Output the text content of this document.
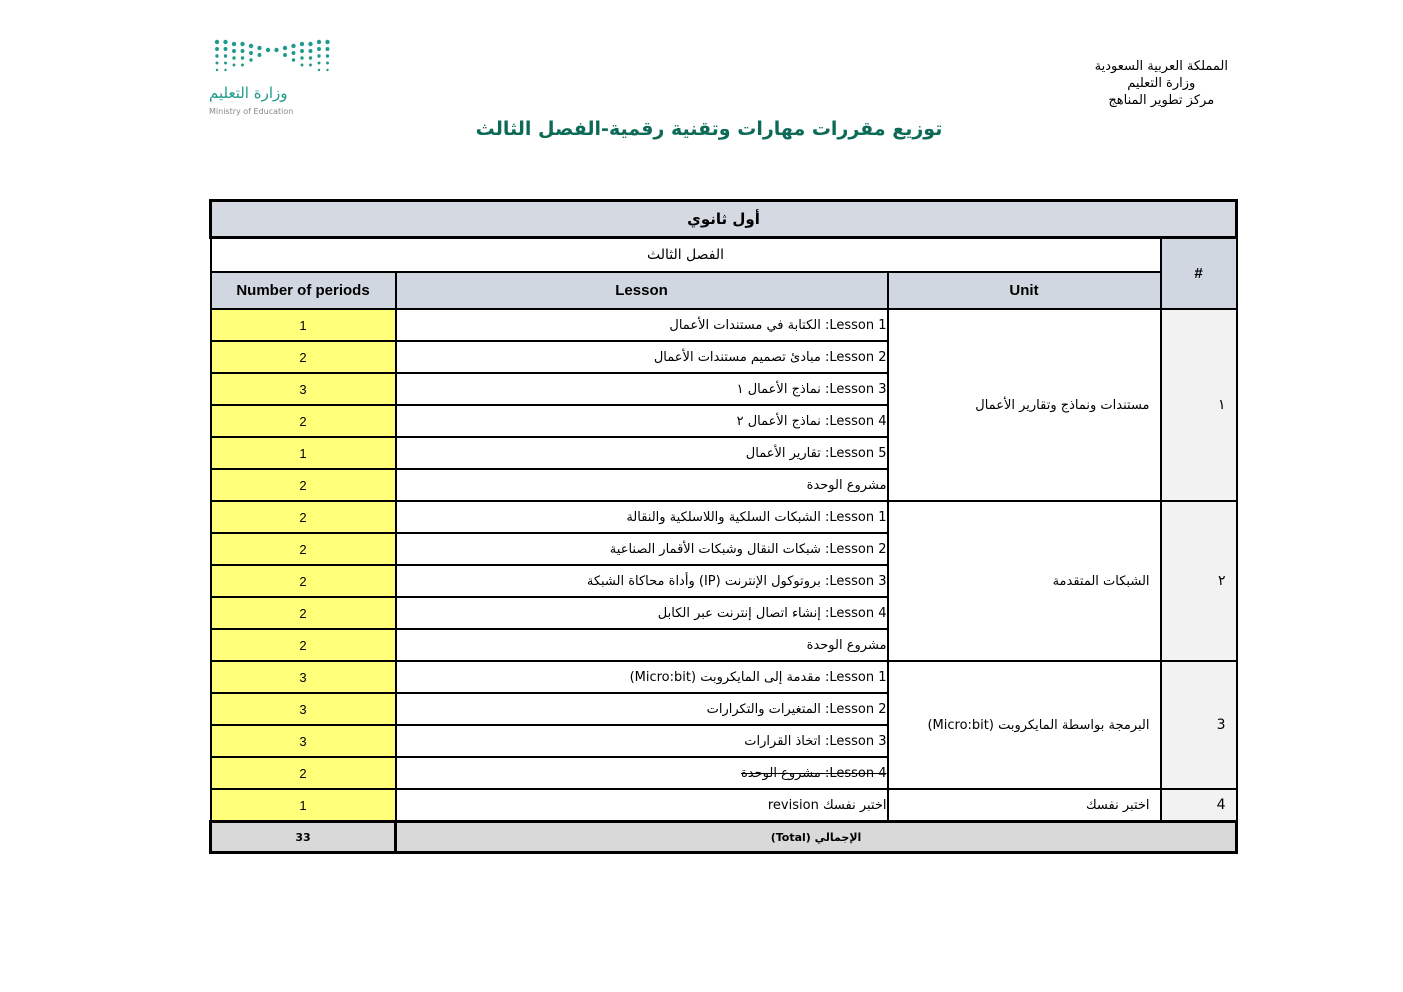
وزارة التعليم
Ministry of Education
المملكة العربية السعودية
وزارة التعليم
مركز تطوير المناهج
توزيع مقررات مهارات وتقنية رقمية-الفصل الثالث
أول ثانوي			
#	الفصل الثالث		
	Unit	Lesson	Number of periods
١	مستندات ونماذج وتقارير الأعمال	Lesson 1: الكتابة في مستندات الأعمال	1
		Lesson 2: مبادئ تصميم مستندات الأعمال	2
		Lesson 3: نماذج الأعمال ١	3
		Lesson 4: نماذج الأعمال ٢	2
		Lesson 5: تقارير الأعمال	1
		مشروع الوحدة	2
٢	الشبكات المتقدمة	Lesson 1: الشبكات السلكية واللاسلكية والنقالة	2
		Lesson 2: شبكات النقال وشبكات الأقمار الصناعية	2
		Lesson 3: بروتوكول الإنترنت (IP) وأداة محاكاة الشبكة	2
		Lesson 4: إنشاء اتصال إنترنت عبر الكابل	2
		مشروع الوحدة	2
3	البرمجة بواسطة المايكروبت (Micro:bit)	Lesson 1: مقدمة إلى المايكروبت (Micro:bit)	3
		Lesson 2: المتغيرات والتكرارات	3
		Lesson 3: اتخاذ القرارات	3
		Lesson 4: مشروع الوحدة	2
4	اختبر نفسك	اختبر نفسك revision	1
الإجمالي (Total)			33
